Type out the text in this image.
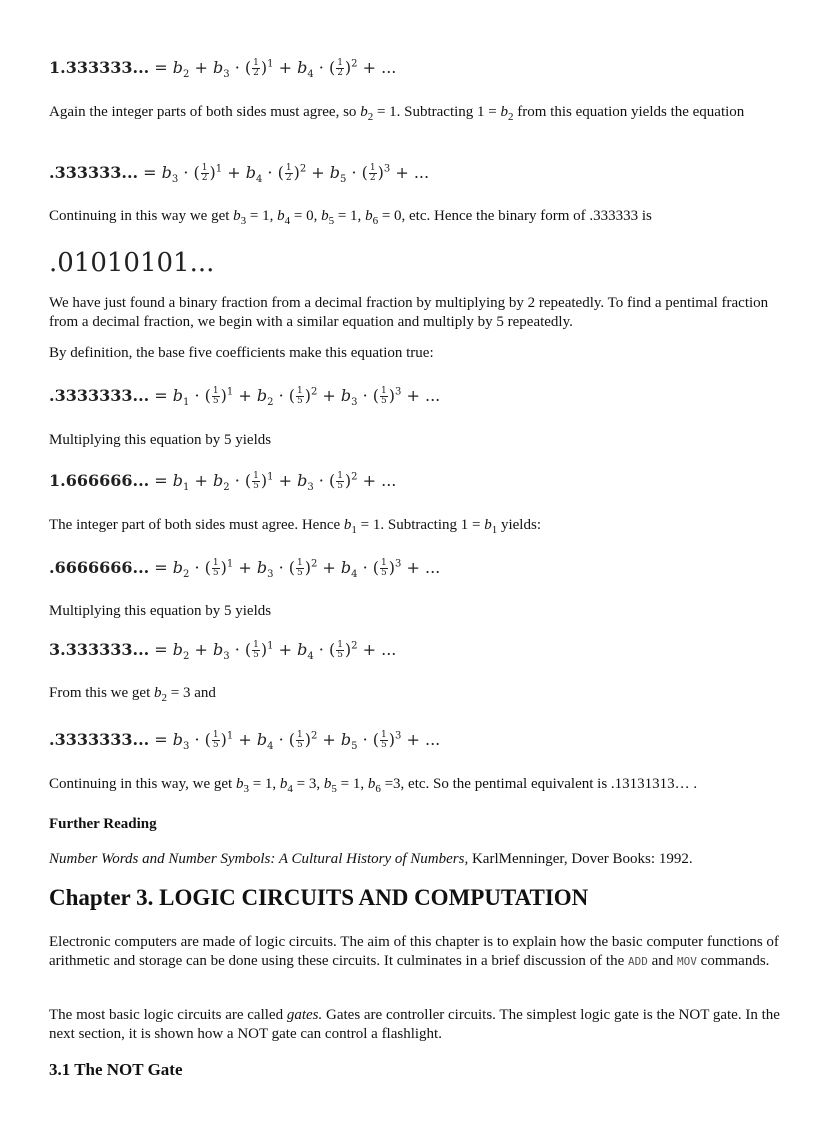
1.333333... = $b_2 + b_3$ · ( $\frac{1}{2} )^1 + b_4$ · ( $\frac{1}{2} )^2$ + ...

Again the integer parts of both sides must agree, so $b_2 = 1$. Subtracting $1 = b_2$ from this equation yields the equation

.333333... = $b_3$ · ( $\frac{1}{2} )^1 + b_4$ · ( $\frac{1}{2} )^2 + b_5$ · ( $\frac{1}{2} )^3$ + ...

Continuing in this way we get $b_3 = 1$, $b_4 = 0$, $b_5 = 1$, $b_6 = 0$, etc. Hence the binary form of .333333 is

.01010101...

We have just found a binary fraction from a decimal fraction by multiplying by 2 repeatedly. To find a pentimal fraction from a decimal fraction, we begin with a similar equation and multiply by 5 repeatedly.

By definition, the base five coefficients make this equation true:

.3333333... = $b_1$ · ( $\frac{1}{5} )^1 + b_2$ · ( $\frac{1}{5} )^2 + b_3$ · ( $\frac{1}{5} )^3$ + ...

Multiplying this equation by 5 yields

1.666666... = $b_1 + b_2$ · ( $\frac{1}{5} )^1 + b_3$ · ( $\frac{1}{5} )^2$ + ...

The integer part of both sides must agree. Hence $b_1 = 1$. Subtracting $1 = b_1$ yields:

.6666666... = $b_2$ · ( $\frac{1}{5} )^1 + b_3$ · ( $\frac{1}{5} )^2 + b_4$ · ( $\frac{1}{5} )^3$ + ...

Multiplying this equation by 5 yields

3.333333... = $b_2 + b_3$ · ( $\frac{1}{5} )^1 + b_4$ · ( $\frac{1}{5} )^2$ + ...

From this we get $b_2 = 3$ and

.3333333... = $b_3$ · ( $\frac{1}{5} )^1 + b_4$ · ( $\frac{1}{5} )^2 + b_5$ · ( $\frac{1}{5} )^3$ + ...

Continuing in this way, we get $b_3 = 1$, $b_4 = 3$, $b_5 = 1$, $b_6 =3$, etc. So the pentimal equivalent is .13131313… .

Further Reading

Number Words and Number Symbols: A Cultural History of Numbers, KarlMenninger, Dover Books: 1992.

Chapter 3. LOGIC CIRCUITS AND COMPUTATION

Electronic computers are made of logic circuits. The aim of this chapter is to explain how the basic computer functions of arithmetic and storage can be done using these circuits. It culminates in a brief discussion of the ADD and MOV commands.

The most basic logic circuits are called gates. Gates are controller circuits. The simplest logic gate is the NOT gate. In the next section, it is shown how a NOT gate can control a flashlight.

3.1 The NOT Gate
